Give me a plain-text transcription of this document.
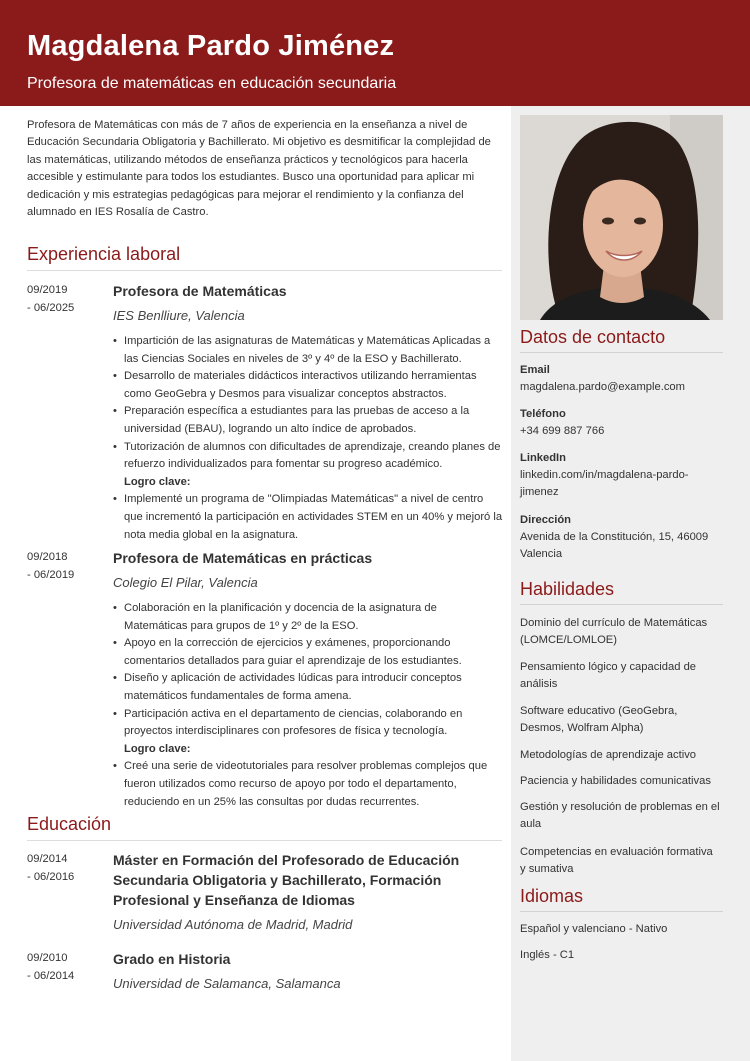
Magdalena Pardo Jiménez
Profesora de matemáticas en educación secundaria

Profesora de Matemáticas con más de 7 años de experiencia en la enseñanza a nivel de Educación Secundaria Obligatoria y Bachillerato. Mi objetivo es desmitificar la complejidad de las matemáticas, utilizando métodos de enseñanza prácticos y tecnológicos para hacerla accesible y estimulante para todos los estudiantes. Busco una oportunidad para aplicar mi dedicación y mis estrategias pedagógicas para mejorar el rendimiento y la confianza del alumnado en IES Rosalía de Castro.

Experiencia laboral
09/2019
- 06/2025
Profesora de Matemáticas
IES Benlliure, Valencia
• Impartición de las asignaturas de Matemáticas y Matemáticas Aplicadas a las Ciencias Sociales en niveles de 3º y 4º de la ESO y Bachillerato.
• Desarrollo de materiales didácticos interactivos utilizando herramientas como GeoGebra y Desmos para visualizar conceptos abstractos.
• Preparación específica a estudiantes para las pruebas de acceso a la universidad (EBAU), logrando un alto índice de aprobados.
• Tutorización de alumnos con dificultades de aprendizaje, creando planes de refuerzo individualizados para fomentar su progreso académico.
Logro clave:
• Implementé un programa de "Olimpiadas Matemáticas" a nivel de centro que incrementó la participación en actividades STEM en un 40% y mejoró la nota media global en la asignatura.
09/2018
- 06/2019
Profesora de Matemáticas en prácticas
Colegio El Pilar, Valencia
• Colaboración en la planificación y docencia de la asignatura de Matemáticas para grupos de 1º y 2º de la ESO.
• Apoyo en la corrección de ejercicios y exámenes, proporcionando comentarios detallados para guiar el aprendizaje de los estudiantes.
• Diseño y aplicación de actividades lúdicas para introducir conceptos matemáticos fundamentales de forma amena.
• Participación activa en el departamento de ciencias, colaborando en proyectos interdisciplinares con profesores de física y tecnología.
Logro clave:
• Creé una serie de videotutoriales para resolver problemas complejos que fueron utilizados como recurso de apoyo por todo el departamento, reduciendo en un 25% las consultas por dudas recurrentes.
Educación
09/2014
- 06/2016
Máster en Formación del Profesorado de Educación Secundaria Obligatoria y Bachillerato, Formación Profesional y Enseñanza de Idiomas
Universidad Autónoma de Madrid, Madrid
09/2010
- 06/2014
Grado en Historia
Universidad de Salamanca, Salamanca
Datos de contacto
Email
magdalena.pardo@example.com
Teléfono
+34 699 887 766
LinkedIn
linkedin.com/in/magdalena-pardo-jimenez
Dirección
Avenida de la Constitución, 15, 46009 Valencia
Habilidades
Dominio del currículo de Matemáticas (LOMCE/LOMLOE)
Pensamiento lógico y capacidad de análisis
Software educativo (GeoGebra, Desmos, Wolfram Alpha)
Metodologías de aprendizaje activo
Paciencia y habilidades comunicativas
Gestión y resolución de problemas en el aula
Competencias en evaluación formativa y sumativa
Idiomas
Español y valenciano - Nativo
Inglés - C1
